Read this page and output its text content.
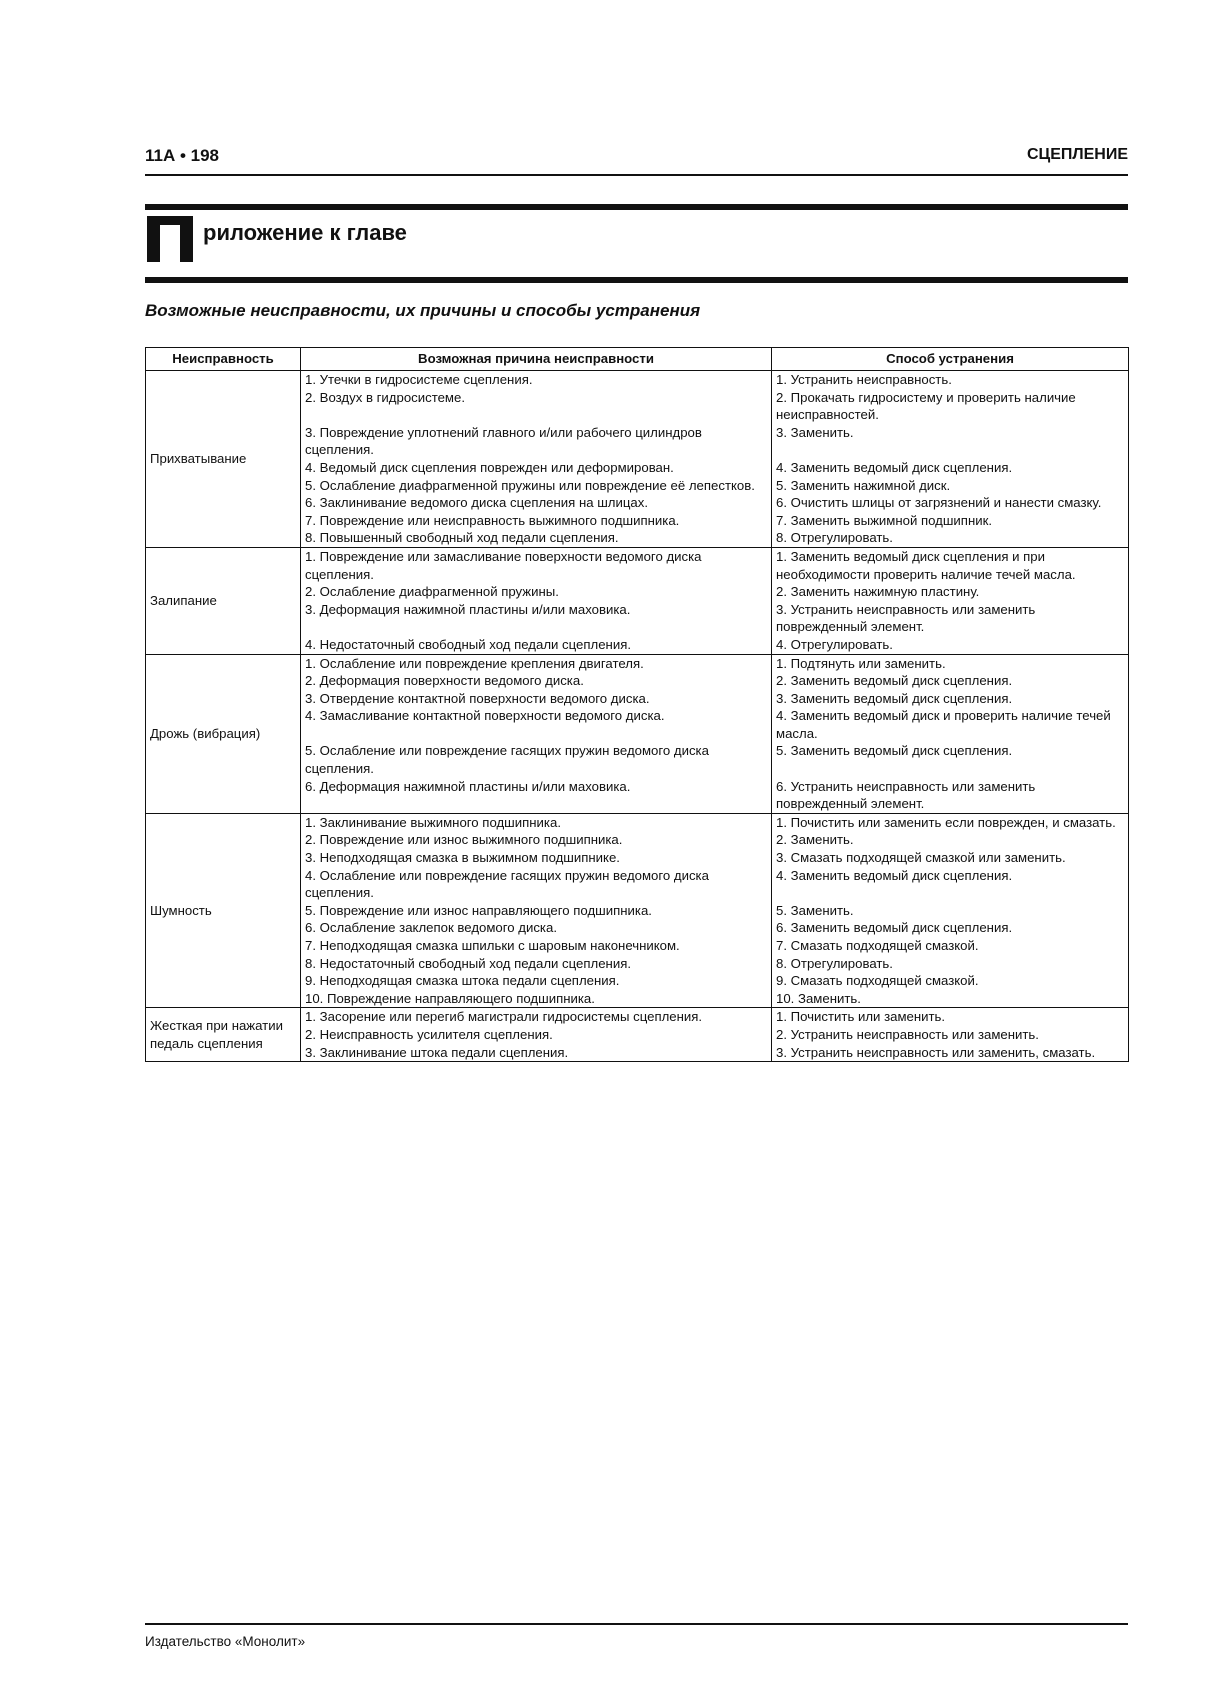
11А • 198	СЦЕПЛЕНИЕ
риложение к главе
Возможные неисправности, их причины и способы устранения
Неисправность	Возможная причина неисправности	Способ устранения
Прихватывание	1. Утечки в гидросистеме сцепления.	1. Устранить неисправность.
	2. Воздух в гидросистеме.	2. Прокачать гидросистему и проверить наличие неисправностей.
	3. Повреждение уплотнений главного и/или рабочего цилиндров сцепления.	3. Заменить.
	4. Ведомый диск сцепления поврежден или деформирован.	4. Заменить ведомый диск сцепления.
	5. Ослабление диафрагменной пружины или повреждение её лепестков.	5. Заменить нажимной диск.
	6. Заклинивание ведомого диска сцепления на шлицах.	6. Очистить шлицы от загрязнений и нанести смазку.
	7. Повреждение или неисправность выжимного подшипника.	7. Заменить выжимной подшипник.
	8. Повышенный свободный ход педали сцепления.	8. Отрегулировать.
Залипание	1. Повреждение или замасливание поверхности ведомого диска сцепления.	1. Заменить ведомый диск сцепления и при необходимости проверить наличие течей масла.
	2. Ослабление диафрагменной пружины.	2. Заменить нажимную пластину.
	3. Деформация нажимной пластины и/или маховика.	3. Устранить неисправность или заменить поврежденный элемент.
	4. Недостаточный свободный ход педали сцепления.	4. Отрегулировать.
Дрожь (вибрация)	1. Ослабление или повреждение крепления двигателя.	1. Подтянуть или заменить.
	2. Деформация поверхности ведомого диска.	2. Заменить ведомый диск сцепления.
	3. Отвердение контактной поверхности ведомого диска.	3. Заменить ведомый диск сцепления.
	4. Замасливание контактной поверхности ведомого диска.	4. Заменить ведомый диск и проверить наличие течей масла.
	5. Ослабление или повреждение гасящих пружин ведомого диска сцепления.	5. Заменить ведомый диск сцепления.
	6. Деформация нажимной пластины и/или маховика.	6. Устранить неисправность или заменить поврежденный элемент.
Шумность	1. Заклинивание выжимного подшипника.	1. Почистить или заменить если поврежден, и смазать.
	2. Повреждение или износ выжимного подшипника.	2. Заменить.
	3. Неподходящая смазка в выжимном подшипнике.	3. Смазать подходящей смазкой или заменить.
	4. Ослабление или повреждение гасящих пружин ведомого диска сцепления.	4. Заменить ведомый диск сцепления.
	5. Повреждение или износ направляющего подшипника.	5. Заменить.
	6. Ослабление заклепок ведомого диска.	6. Заменить ведомый диск сцепления.
	7. Неподходящая смазка шпильки с шаровым наконечником.	7. Смазать подходящей смазкой.
	8. Недостаточный свободный ход педали сцепления.	8. Отрегулировать.
	9. Неподходящая смазка штока педали сцепления.	9. Смазать подходящей смазкой.
	10. Повреждение направляющего подшипника.	10. Заменить.
Жесткая при нажатии педаль сцепления	1. Засорение или перегиб магистрали гидросистемы сцепления.	1. Почистить или заменить.
	2. Неисправность усилителя сцепления.	2. Устранить неисправность или заменить.
	3. Заклинивание штока педали сцепления.	3. Устранить неисправность или заменить, смазать.
Издательство «Монолит»
